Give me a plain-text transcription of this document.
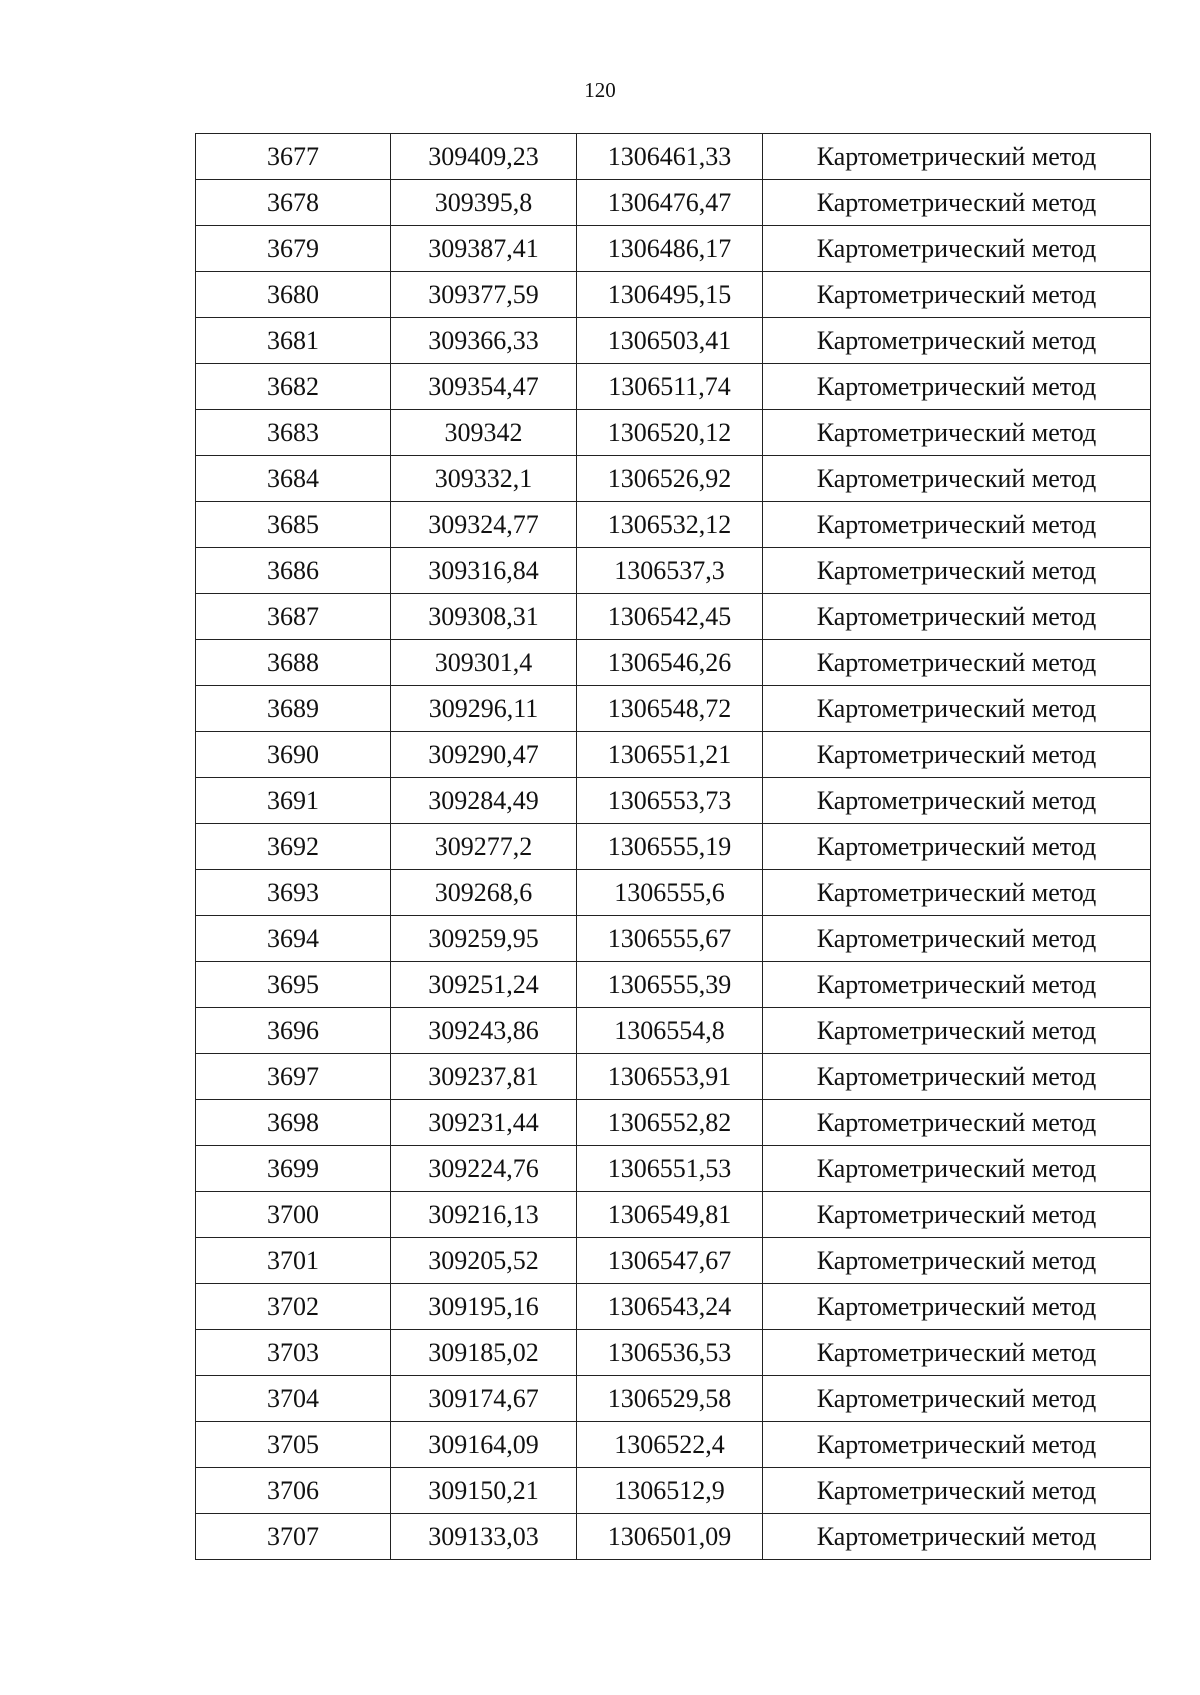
120
3677	309409,23	1306461,33	Картометрический метод
3678	309395,8	1306476,47	Картометрический метод
3679	309387,41	1306486,17	Картометрический метод
3680	309377,59	1306495,15	Картометрический метод
3681	309366,33	1306503,41	Картометрический метод
3682	309354,47	1306511,74	Картометрический метод
3683	309342	1306520,12	Картометрический метод
3684	309332,1	1306526,92	Картометрический метод
3685	309324,77	1306532,12	Картометрический метод
3686	309316,84	1306537,3	Картометрический метод
3687	309308,31	1306542,45	Картометрический метод
3688	309301,4	1306546,26	Картометрический метод
3689	309296,11	1306548,72	Картометрический метод
3690	309290,47	1306551,21	Картометрический метод
3691	309284,49	1306553,73	Картометрический метод
3692	309277,2	1306555,19	Картометрический метод
3693	309268,6	1306555,6	Картометрический метод
3694	309259,95	1306555,67	Картометрический метод
3695	309251,24	1306555,39	Картометрический метод
3696	309243,86	1306554,8	Картометрический метод
3697	309237,81	1306553,91	Картометрический метод
3698	309231,44	1306552,82	Картометрический метод
3699	309224,76	1306551,53	Картометрический метод
3700	309216,13	1306549,81	Картометрический метод
3701	309205,52	1306547,67	Картометрический метод
3702	309195,16	1306543,24	Картометрический метод
3703	309185,02	1306536,53	Картометрический метод
3704	309174,67	1306529,58	Картометрический метод
3705	309164,09	1306522,4	Картометрический метод
3706	309150,21	1306512,9	Картометрический метод
3707	309133,03	1306501,09	Картометрический метод
